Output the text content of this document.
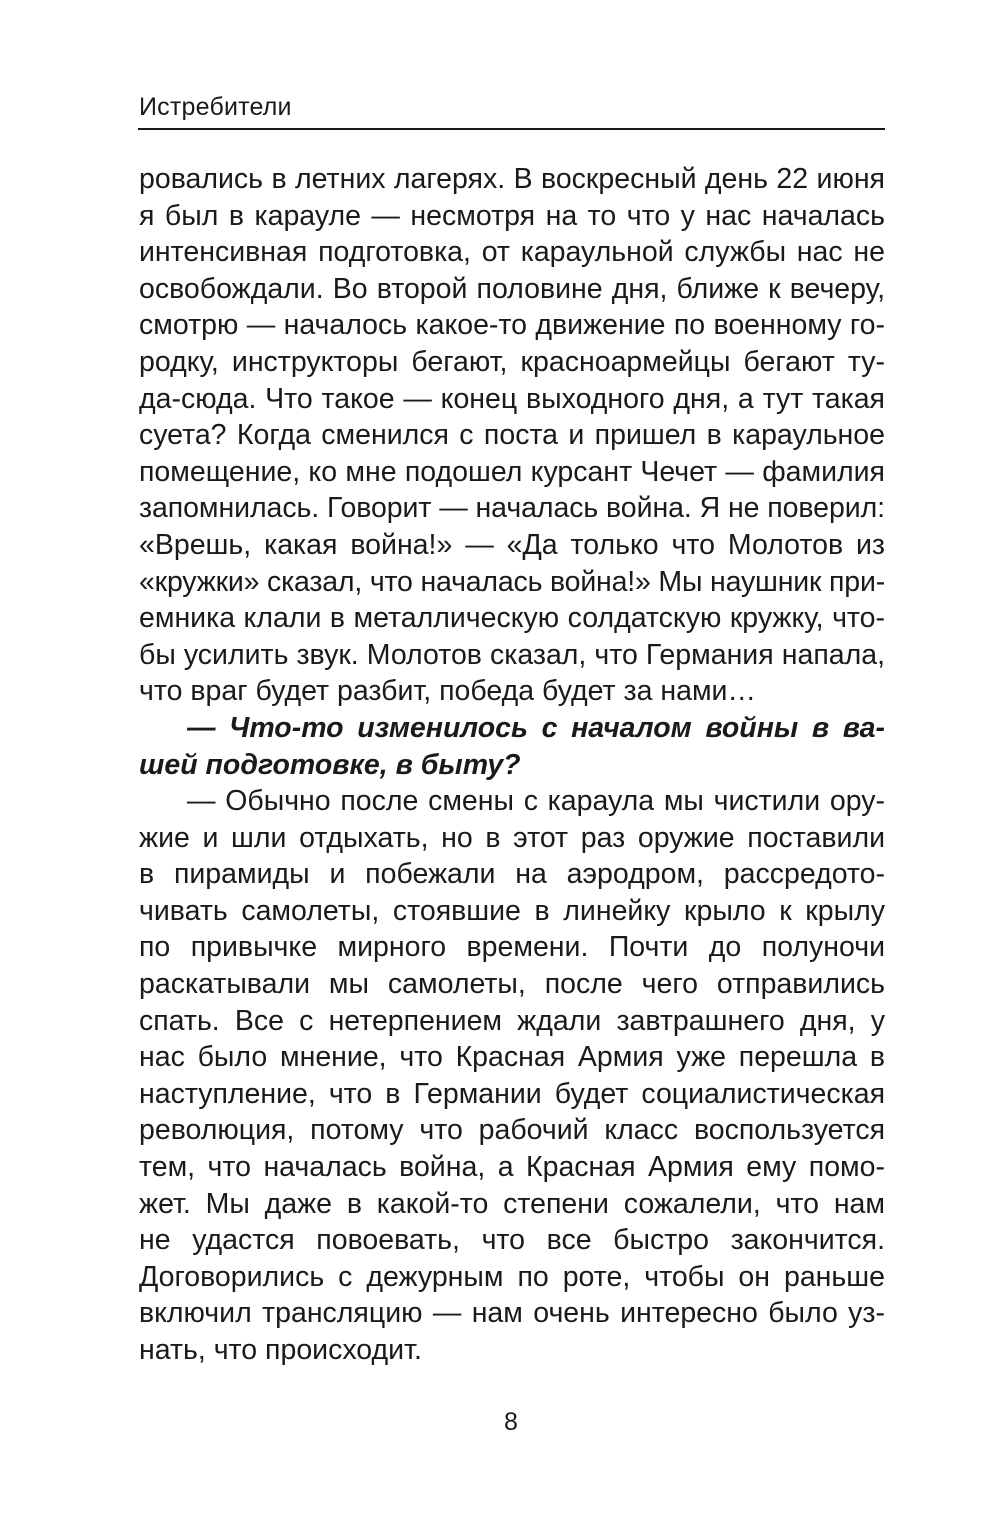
Истребители
ровались в летних лагерях. В воскресный день 22 июня
я был в карауле — несмотря на то что у нас началась
интенсивная подготовка, от караульной службы нас не
освобождали. Во второй половине дня, ближе к вечеру,
смотрю — началось какое-то движение по военному го-
родку, инструкторы бегают, красноармейцы бегают ту-
да-сюда. Что такое — конец выходного дня, а тут такая
суета? Когда сменился с поста и пришел в караульное
помещение, ко мне подошел курсант Чечет — фамилия
запомнилась. Говорит — началась война. Я не поверил:
«Врешь, какая война!» — «Да только что Молотов из
«кружки» сказал, что началась война!» Мы наушник при-
емника клали в металлическую солдатскую кружку, что-
бы усилить звук. Молотов сказал, что Германия напала,
что враг будет разбит, победа будет за нами…
— Что-то изменилось с началом войны в ва-
шей подготовке, в быту?
— Обычно после смены с караула мы чистили ору-
жие и шли отдыхать, но в этот раз оружие поставили
в пирамиды и побежали на аэродром, рассредото-
чивать самолеты, стоявшие в линейку крыло к крылу
по привычке мирного времени. Почти до полуночи
раскатывали мы самолеты, после чего отправились
спать. Все с нетерпением ждали завтрашнего дня, у
нас было мнение, что Красная Армия уже перешла в
наступление, что в Германии будет социалистическая
революция, потому что рабочий класс воспользуется
тем, что началась война, а Красная Армия ему помо-
жет. Мы даже в какой-то степени сожалели, что нам
не удастся повоевать, что все быстро закончится.
Договорились с дежурным по роте, чтобы он раньше
включил трансляцию — нам очень интересно было уз-
нать, что происходит.
8
